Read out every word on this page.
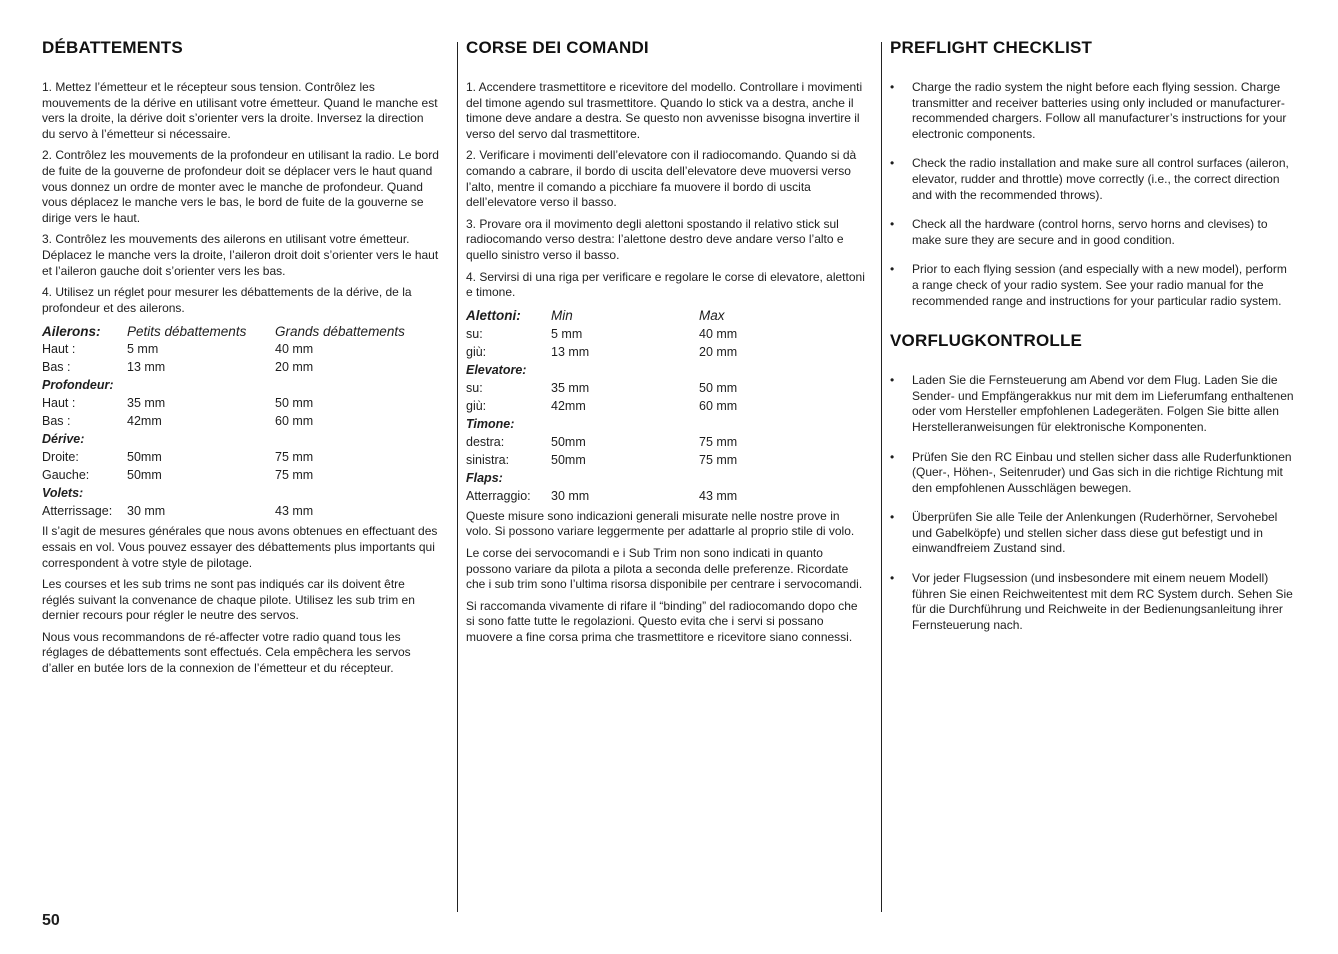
DÉBATTEMENTS

1. Mettez l’émetteur et le récepteur sous tension. Contrôlez les mouvements de la dérive en utilisant votre émetteur. Quand le manche est vers la droite, la dérive doit s’orienter vers la droite. Inversez la direction du servo à l’émetteur si nécessaire.

2. Contrôlez les mouvements de la profondeur en utilisant la radio. Le bord de fuite de la gouverne de profondeur doit se déplacer vers le haut quand vous donnez un ordre de monter avec le manche de profondeur. Quand vous déplacez le manche vers le bas, le bord de fuite de la gouverne se dirige vers le haut.

3. Contrôlez les mouvements des ailerons en utilisant votre émetteur. Déplacez le manche vers la droite, l’aileron droit doit s’orienter vers le haut et l’aileron gauche doit s’orienter vers les bas.

4. Utilisez un réglet pour mesurer les débattements de la dérive, de la profondeur et des ailerons.

Ailerons:	Petits débattements	Grands débattements
Haut :	5 mm	40 mm
Bas :	13 mm	20 mm
Profondeur:		
Haut :	35 mm	50 mm
Bas :	42mm	60 mm
Dérive:		
Droite:	50mm	75 mm
Gauche:	50mm	75 mm
Volets:		
Atterrissage:	30 mm	43 mm

Il s’agit de mesures générales que nous avons obtenues en effectuant des essais en vol. Vous pouvez essayer des débattements plus importants qui correspondent à votre style de pilotage.

Les courses et les sub trims ne sont pas indiqués car ils doivent être réglés suivant la convenance de chaque pilote. Utilisez les sub trim en dernier recours pour régler le neutre des servos.

Nous vous recommandons de ré-affecter votre radio quand tous les réglages de débattements sont effectués. Cela empêchera les servos d’aller en butée lors de la connexion de l’émetteur et du récepteur.

CORSE DEI COMANDI

1. Accendere trasmettitore e ricevitore del modello. Controllare i movimenti del timone agendo sul trasmettitore. Quando lo stick va a destra, anche il timone deve andare a destra. Se questo non avvenisse bisogna invertire il verso del servo dal trasmettitore.

2. Verificare i movimenti dell’elevatore con il radiocomando. Quando si dà comando a cabrare, il bordo di uscita dell’elevatore deve muoversi verso l’alto, mentre il comando a picchiare fa muovere il bordo di uscita dell’elevatore verso il basso.

3. Provare ora il movimento degli alettoni spostando il relativo stick sul radiocomando verso destra: l’alettone destro deve andare verso l’alto e quello sinistro verso il basso.

4. Servirsi di una riga per verificare e regolare le corse di elevatore, alettoni e timone.

Alettoni:	Min	Max
su:	5 mm	40 mm
giù:	13 mm	20 mm
Elevatore:		
su:	35 mm	50 mm
giù:	42mm	60 mm
Timone:		
destra:	50mm	75 mm
sinistra:	50mm	75 mm
Flaps:		
Atterraggio:	30 mm	43 mm

Queste misure sono indicazioni generali misurate nelle nostre prove in volo. Si possono variare leggermente per adattarle al proprio stile di volo.

Le corse dei servocomandi e i Sub Trim non sono indicati in quanto possono variare da pilota a pilota a seconda delle preferenze. Ricordate che i sub trim sono l’ultima risorsa disponibile per centrare i servocomandi.

Si raccomanda vivamente di rifare il “binding” del radiocomando dopo che si sono fatte tutte le regolazioni. Questo evita che i servi si possano muovere a fine corsa prima che trasmettitore e ricevitore siano connessi.

PREFLIGHT CHECKLIST
• Charge the radio system the night before each flying session. Charge transmitter and receiver batteries using only included or manufacturer-recommended chargers. Follow all manufacturer’s instructions for your electronic components.
• Check the radio installation and make sure all control surfaces (aileron, elevator, rudder and throttle) move correctly (i.e., the correct direction and with the recommended throws).
• Check all the hardware (control horns, servo horns and clevises) to make sure they are secure and in good condition.
• Prior to each flying session (and especially with a new model), perform a range check of your radio system. See your radio manual for the recommended range and instructions for your particular radio system.
VORFLUGKONTROLLE
• Laden Sie die Fernsteuerung am Abend vor dem Flug. Laden Sie die Sender- und Empfängerakkus nur mit dem im Lieferumfang enthaltenen oder vom Hersteller empfohlenen Ladegeräten. Folgen Sie bitte allen Herstelleranweisungen für elektronische Komponenten.
• Prüfen Sie den RC Einbau und stellen sicher dass alle Ruderfunktionen (Quer-, Höhen-, Seitenruder) und Gas sich in die richtige Richtung mit den empfohlenen Ausschlägen bewegen.
• Überprüfen Sie alle Teile der Anlenkungen (Ruderhörner, Servohebel und Gabelköpfe) und stellen sicher dass diese gut befestigt und in einwandfreiem Zustand sind.
• Vor jeder Flugsession (und insbesondere mit einem neuem Modell) führen Sie einen Reichweitentest mit dem RC System durch. Sehen Sie für die Durchführung und Reichweite in der Bedienungsanleitung ihrer Fernsteuerung nach.
50
